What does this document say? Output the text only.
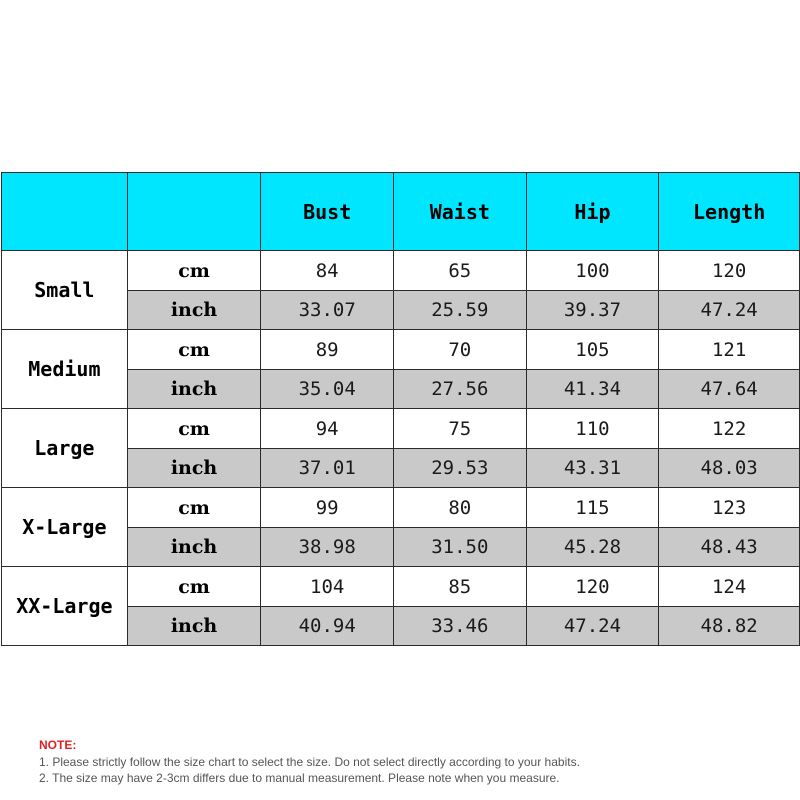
		Bust	Waist	Hip	Length
Small	cm	84	65	100	120
	inch	33.07	25.59	39.37	47.24
Medium	cm	89	70	105	121
	inch	35.04	27.56	41.34	47.64
Large	cm	94	75	110	122
	inch	37.01	29.53	43.31	48.03
X-Large	cm	99	80	115	123
	inch	38.98	31.50	45.28	48.43
XX-Large	cm	104	85	120	124
	inch	40.94	33.46	47.24	48.82
NOTE:
1. Please strictly follow the size chart to select the size. Do not select directly according to your habits.
2. The size may have 2-3cm differs due to manual measurement. Please note when you measure.
